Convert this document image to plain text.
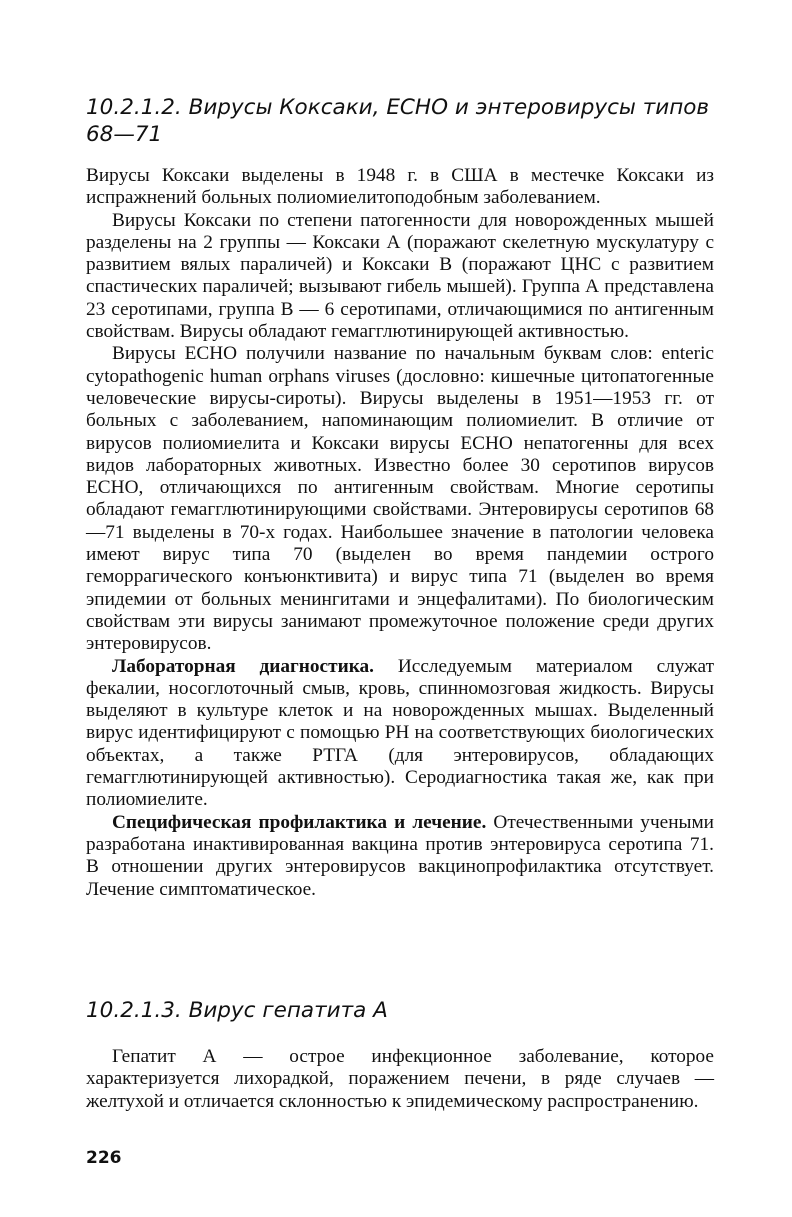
10.2.1.2. Вирусы Коксаки, ЕСНО и энтеровирусы типов 68—71

Вирусы Коксаки выделены в 1948 г. в США в местечке Коксаки из испражнений больных полиомиелитоподобным заболеванием.

Вирусы Коксаки по степени патогенности для новорожденных мышей разделены на 2 группы — Коксаки А (поражают скелетную мускулатуру с развитием вялых параличей) и Коксаки В (поражают ЦНС с развитием спастических параличей; вызывают гибель мышей). Группа А представлена 23 серотипами, группа В — 6 серотипами, отличающимися по антигенным свойствам. Вирусы обладают гемагглютинирующей активностью.

Вирусы ЕСНО получили название по начальным буквам слов: enteric cytopathogenic human orphans viruses (дословно: кишечные цитопатогенные человеческие вирусы-сироты). Вирусы выделены в 1951—1953 гг. от больных с заболеванием, напоминающим полиомиелит. В отличие от вирусов полиомиелита и Коксаки вирусы ЕСНО непатогенны для всех видов лабораторных животных. Известно более 30 серотипов вирусов ЕСНО, отличающихся по антигенным свойствам. Многие серотипы обладают гемагглютинирующими свойствами. Энтеровирусы серотипов 68—71 выделены в 70-х годах. Наибольшее значение в патологии человека имеют вирус типа 70 (выделен во время пандемии острого геморрагического конъюнктивита) и вирус типа 71 (выделен во время эпидемии от больных менингитами и энцефалитами). По биологическим свойствам эти вирусы занимают промежуточное положение среди других энтеровирусов.

Лабораторная диагностика. Исследуемым материалом служат фекалии, носоглоточный смыв, кровь, спинномозговая жидкость. Вирусы выделяют в культуре клеток и на новорожденных мышах. Выделенный вирус идентифицируют с помощью РН на соответствующих биологических объектах, а также РТГА (для энтеровирусов, обладающих гемагглютинирующей активностью). Серодиагностика такая же, как при полиомиелите.

Специфическая профилактика и лечение. Отечественными учеными разработана инактивированная вакцина против энтеровируса серотипа 71. В отношении других энтеровирусов вакцинопрофилактика отсутствует. Лечение симптоматическое.

10.2.1.3. Вирус гепатита А

Гепатит А — острое инфекционное заболевание, которое характеризуется лихорадкой, поражением печени, в ряде случаев — желтухой и отличается склонностью к эпидемическому распространению.

226
